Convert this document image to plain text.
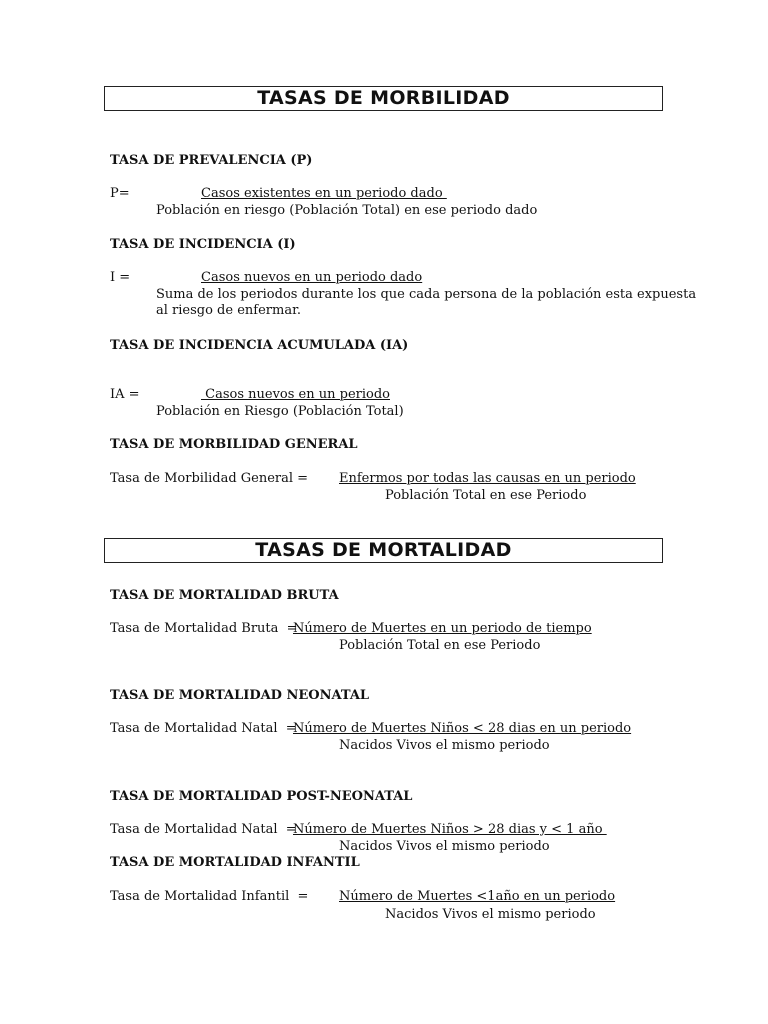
TASAS DE MORBILIDAD
TASA DE PREVALENCIA (P)
P=	Casos existentes en un periodo dado
Población en riesgo (Población Total) en ese periodo dado
TASA DE INCIDENCIA (I)
I =	Casos nuevos en un periodo dado
Suma de los periodos durante los que cada persona de la población esta expuesta
al riesgo de enfermar.
TASA DE INCIDENCIA ACUMULADA (IA)
IA =	Casos nuevos en un periodo
Población en Riesgo (Población Total)
TASA DE MORBILIDAD GENERAL
Tasa de Morbilidad General = Enfermos por todas las causas en un periodo
Población Total en ese Periodo
TASAS DE MORTALIDAD
TASA DE MORTALIDAD BRUTA
Tasa de Mortalidad Bruta  =
Número de Muertes en un periodo de tiempo
Población Total en ese Periodo
TASA DE MORTALIDAD NEONATAL
Tasa de Mortalidad Natal  =
Número de Muertes Niños < 28 dias en un periodo
Nacidos Vivos el mismo periodo
TASA DE MORTALIDAD POST-NEONATAL
Tasa de Mortalidad Natal  =
Número de Muertes Niños > 28 dias y < 1 año
Nacidos Vivos el mismo periodo
TASA DE MORTALIDAD INFANTIL
Tasa de Mortalidad Infantil  = Número de Muertes <1año en un periodo
Nacidos Vivos el mismo periodo
